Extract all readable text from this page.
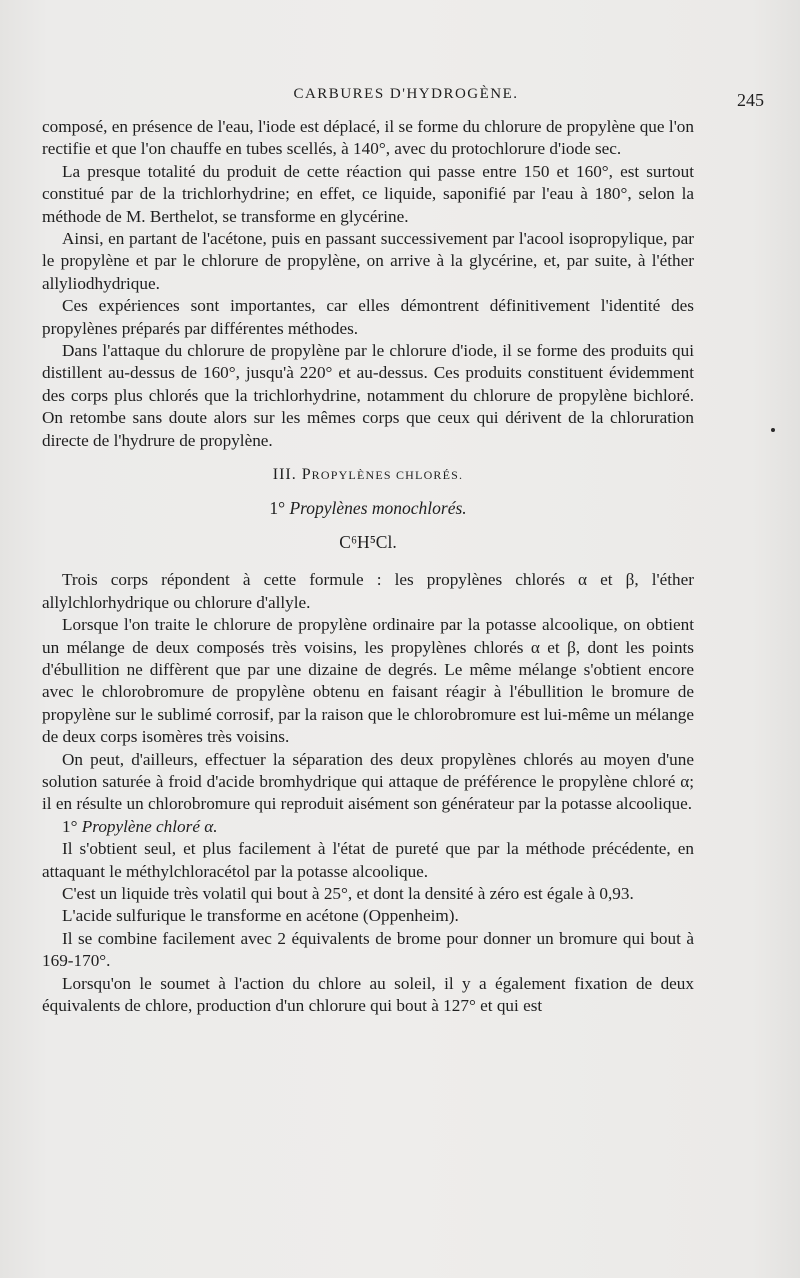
CARBURES D'HYDROGÈNE.	245

composé, en présence de l'eau, l'iode est déplacé, il se forme du chlorure de propylène que l'on rectifie et que l'on chauffe en tubes scellés, à 140°, avec du protochlorure d'iode sec.

La presque totalité du produit de cette réaction qui passe entre 150 et 160°, est surtout constitué par de la trichlorhydrine; en effet, ce liquide, saponifié par l'eau à 180°, selon la méthode de M. Berthelot, se transforme en glycérine.

Ainsi, en partant de l'acétone, puis en passant successivement par l'acool isopropylique, par le propylène et par le chlorure de propylène, on arrive à la glycérine, et, par suite, à l'éther allyliodhydrique.

Ces expériences sont importantes, car elles démontrent définitivement l'identité des propylènes préparés par différentes méthodes.

Dans l'attaque du chlorure de propylène par le chlorure d'iode, il se forme des produits qui distillent au-dessus de 160°, jusqu'à 220° et au-dessus. Ces produits constituent évidemment des corps plus chlorés que la trichlorhydrine, notamment du chlorure de propylène bichloré. On retombe sans doute alors sur les mêmes corps que ceux qui dérivent de la chloruration directe de l'hydrure de propylène.

III. PROPYLÈNES CHLORÉS.
1° Propylènes monochlorés.
C⁶H⁵Cl.

Trois corps répondent à cette formule : les propylènes chlorés α et β, l'éther allylchlorhydrique ou chlorure d'allyle.

Lorsque l'on traite le chlorure de propylène ordinaire par la potasse alcoolique, on obtient un mélange de deux composés très voisins, les propylènes chlorés α et β, dont les points d'ébullition ne diffèrent que par une dizaine de degrés. Le même mélange s'obtient encore avec le chlorobromure de propylène obtenu en faisant réagir à l'ébullition le bromure de propylène sur le sublimé corrosif, par la raison que le chlorobromure est lui-même un mélange de deux corps isomères très voisins.

On peut, d'ailleurs, effectuer la séparation des deux propylènes chlorés au moyen d'une solution saturée à froid d'acide bromhydrique qui attaque de préférence le propylène chloré α; il en résulte un chlorobromure qui reproduit aisément son générateur par la potasse alcoolique.

1° Propylène chloré α.

Il s'obtient seul, et plus facilement à l'état de pureté que par la méthode précédente, en attaquant le méthylchloracétol par la potasse alcoolique.

C'est un liquide très volatil qui bout à 25°, et dont la densité à zéro est égale à 0,93.

L'acide sulfurique le transforme en acétone (Oppenheim).

Il se combine facilement avec 2 équivalents de brome pour donner un bromure qui bout à 169-170°.

Lorsqu'on le soumet à l'action du chlore au soleil, il y a également fixation de deux équivalents de chlore, production d'un chlorure qui bout à 127° et qui est
